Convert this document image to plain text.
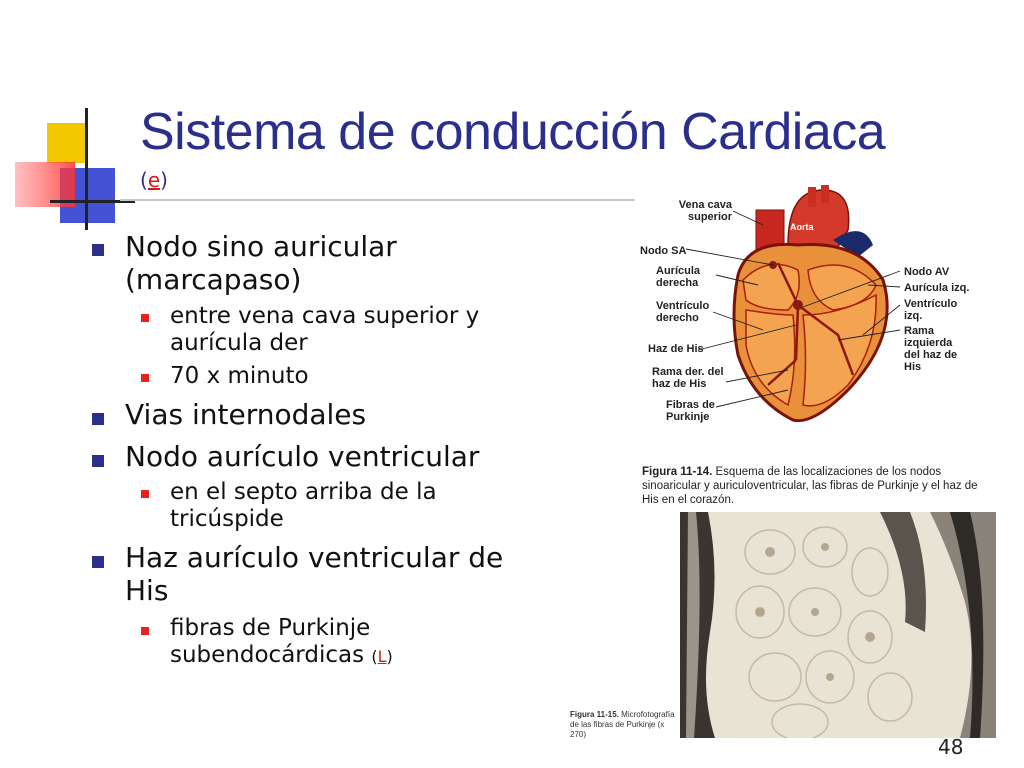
Sistema de conducción Cardiaca
(e)
Nodo sino auricular (marcapaso)
entre vena cava superior y aurícula der
70 x minuto
Vias internodales
Nodo aurículo ventricular
en el septo arriba de la tricúspide
Haz aurículo ventricular de His
fibras de Purkinje subendocárdicas (L)
Vena cava superior
Nodo SA
Aurícula derecha
Ventrículo derecho
Haz de His
Rama der. del haz de His
Fibras de Purkinje
Nodo AV
Aurícula izq.
Ventrículo izq.
Rama izquierda del haz de His
Aorta
Figura 11-14. Esquema de las localizaciones de los nodos sinoaricular y auriculoventricular, las fibras de Purkinje y el haz de His en el corazón.
Figura 11-15. Microfotografía de las fibras de Purkinje (x 270)
48
